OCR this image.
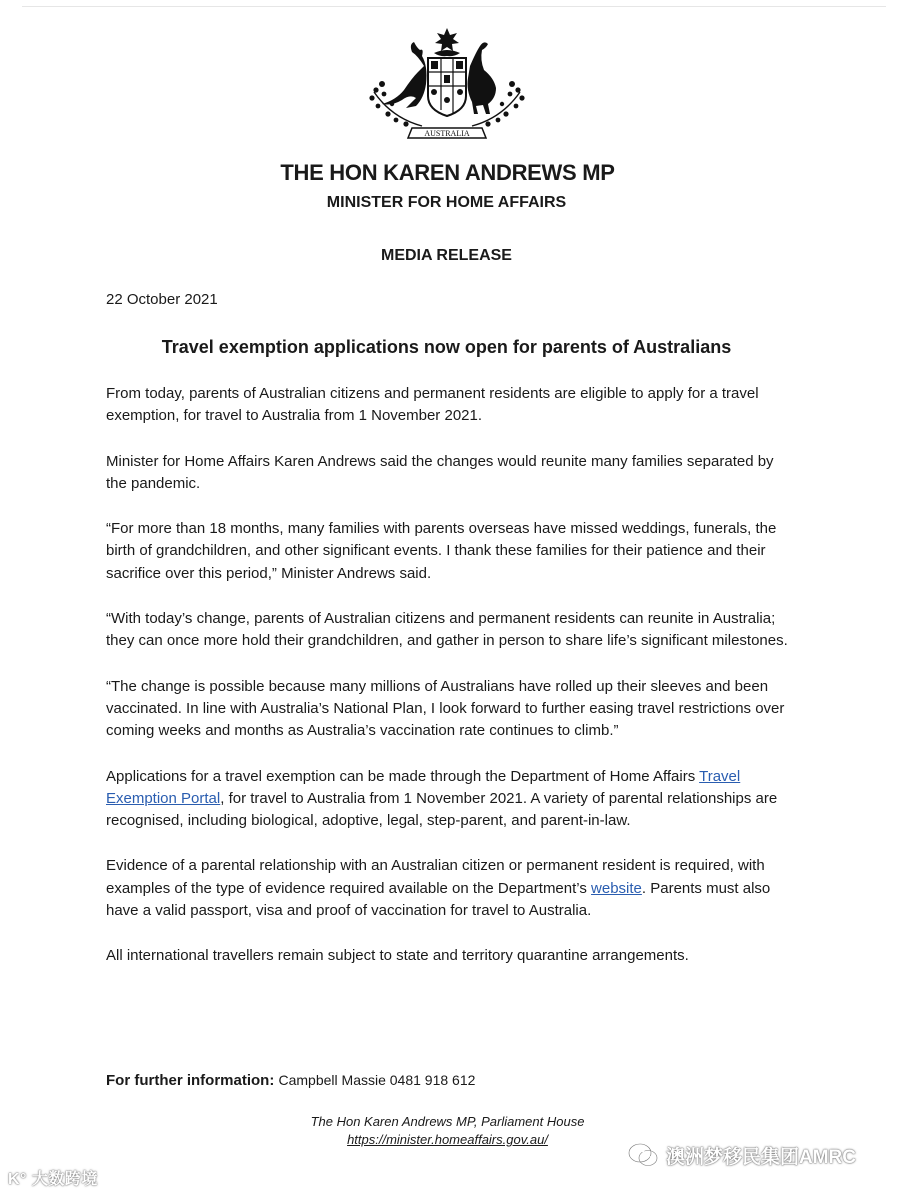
AUSTRALIA
THE HON KAREN ANDREWS MP
MINISTER FOR HOME AFFAIRS
MEDIA RELEASE

22 October 2021

Travel exemption applications now open for parents of Australians

From today, parents of Australian citizens and permanent residents are eligible to apply for a travel exemption, for travel to Australia from 1 November 2021.

Minister for Home Affairs Karen Andrews said the changes would reunite many families separated by the pandemic.

“For more than 18 months, many families with parents overseas have missed weddings, funerals, the birth of grandchildren, and other significant events. I thank these families for their patience and their sacrifice over this period,” Minister Andrews said.

“With today’s change, parents of Australian citizens and permanent residents can reunite in Australia; they can once more hold their grandchildren, and gather in person to share life’s significant milestones.

“The change is possible because many millions of Australians have rolled up their sleeves and been vaccinated. In line with Australia’s National Plan, I look forward to further easing travel restrictions over coming weeks and months as Australia’s vaccination rate continues to climb.”

Applications for a travel exemption can be made through the Department of Home Affairs Travel Exemption Portal, for travel to Australia from 1 November 2021. A variety of parental relationships are recognised, including biological, adoptive, legal, step-parent, and parent-in-law.

Evidence of a parental relationship with an Australian citizen or permanent resident is required, with examples of the type of evidence required available on the Department’s website. Parents must also have a valid passport, visa and proof of vaccination for travel to Australia.

All international travellers remain subject to state and territory quarantine arrangements.

For further information: Campbell Massie 0481 918 612

The Hon Karen Andrews MP, Parliament House
https://minister.homeaffairs.gov.au/
K° 大数跨境
澳洲梦移民集团AMRC
